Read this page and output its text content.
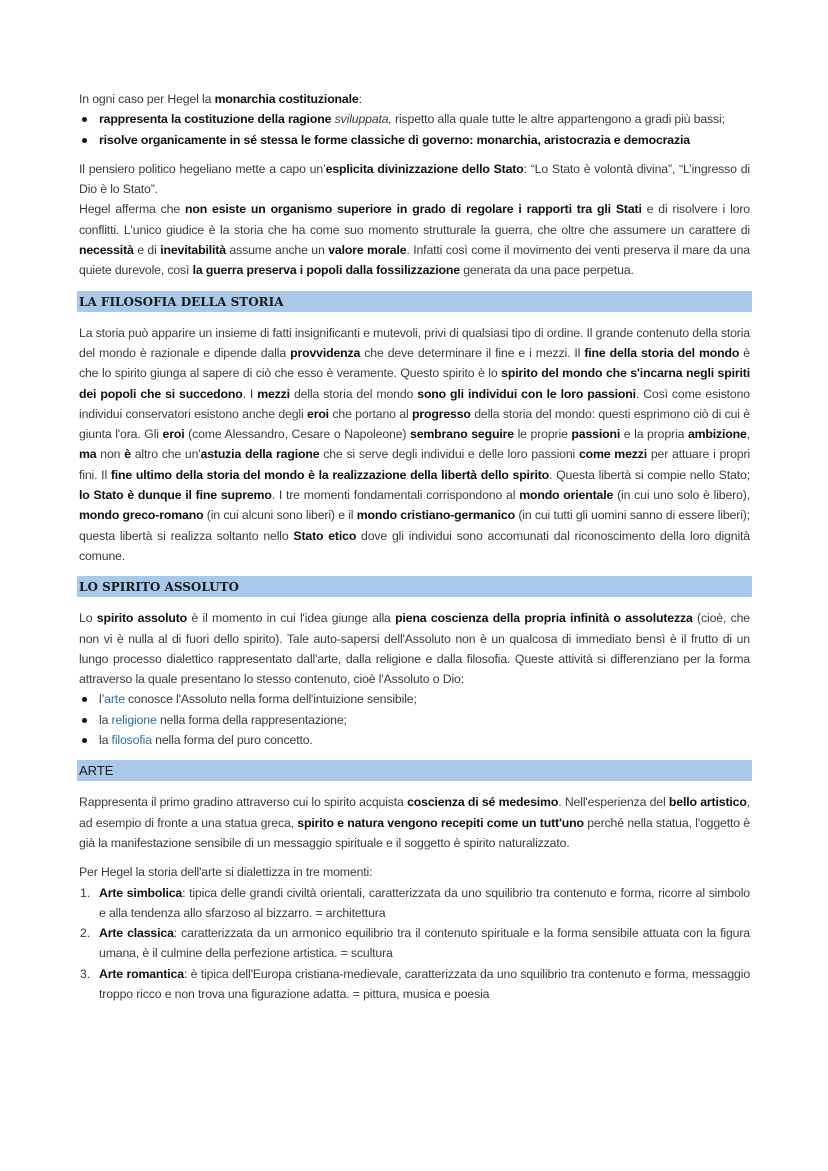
In ogni caso per Hegel la monarchia costituzionale:

rappresenta la costituzione della ragione sviluppata, rispetto alla quale tutte le altre appartengono a gradi più bassi;
risolve organicamente in sé stessa le forme classiche di governo: monarchia, aristocrazia e democrazia

Il pensiero politico hegeliano mette a capo un’esplicita divinizzazione dello Stato: “Lo Stato è volontà divina”, “L’ingresso di Dio è lo Stato”.

Hegel afferma che non esiste un organismo superiore in grado di regolare i rapporti tra gli Stati e di risolvere i loro conflitti. L'unico giudice è la storia che ha come suo momento strutturale la guerra, che oltre che assumere un carattere di necessità e di inevitabilità assume anche un valore morale. Infatti così come il movimento dei venti preserva il mare da una quiete durevole, così la guerra preserva i popoli dalla fossilizzazione generata da una pace perpetua.

LA FILOSOFIA DELLA STORIA

La storia può apparire un insieme di fatti insignificanti e mutevoli, privi di qualsiasi tipo di ordine. Il grande contenuto della storia del mondo è razionale e dipende dalla provvidenza che deve determinare il fine e i mezzi. Il fine della storia del mondo è che lo spirito giunga al sapere di ciò che esso è veramente. Questo spirito è lo spirito del mondo che s'incarna negli spiriti dei popoli che si succedono. I mezzi della storia del mondo sono gli individui con le loro passioni. Così come esistono individui conservatori esistono anche degli eroi che portano al progresso della storia del mondo: questi esprimono ciò di cui è giunta l'ora. Gli eroi (come Alessandro, Cesare o Napoleone) sembrano seguire le proprie passioni e la propria ambizione, ma non è altro che un'astuzia della ragione che si serve degli individui e delle loro passioni come mezzi per attuare i propri fini. Il fine ultimo della storia del mondo è la realizzazione della libertà dello spirito. Questa libertà si compie nello Stato; lo Stato è dunque il fine supremo. I tre momenti fondamentali corrispondono al mondo orientale (in cui uno solo è libero), mondo greco-romano (in cui alcuni sono liberi) e il mondo cristiano-germanico (in cui tutti gli uomini sanno di essere liberi); questa libertà si realizza soltanto nello Stato etico dove gli individui sono accomunati dal riconoscimento della loro dignità comune.

LO SPIRITO ASSOLUTO

Lo spirito assoluto è il momento in cui l'idea giunge alla piena coscienza della propria infinità o assolutezza (cioè, che non vi è nulla al di fuori dello spirito). Tale auto-sapersi dell'Assoluto non è un qualcosa di immediato bensì è il frutto di un lungo processo dialettico rappresentato dall'arte, dalla religione e dalla filosofia. Queste attività si differenziano per la forma attraverso la quale presentano lo stesso contenuto, cioè l'Assoluto o Dio:

l’arte conosce l'Assoluto nella forma dell'intuizione sensibile;
la religione nella forma della rappresentazione;
la filosofia nella forma del puro concetto.
ARTE

Rappresenta il primo gradino attraverso cui lo spirito acquista coscienza di sé medesimo. Nell'esperienza del bello artistico, ad esempio di fronte a una statua greca, spirito e natura vengono recepiti come un tutt'uno perché nella statua, l'oggetto è già la manifestazione sensibile di un messaggio spirituale e il soggetto è spirito naturalizzato.

Per Hegel la storia dell'arte si dialettizza in tre momenti:

1. Arte simbolica: tipica delle grandi civiltà orientali, caratterizzata da uno squilibrio tra contenuto e forma, ricorre al simbolo e alla tendenza allo sfarzoso al bizzarro. = architettura
2. Arte classica: caratterizzata da un armonico equilibrio tra il contenuto spirituale e la forma sensibile attuata con la figura umana, è il culmine della perfezione artistica. = scultura
3. Arte romantica: è tipica dell'Europa cristiana-medievale, caratterizzata da uno squilibrio tra contenuto e forma, messaggio troppo ricco e non trova una figurazione adatta. = pittura, musica e poesia
